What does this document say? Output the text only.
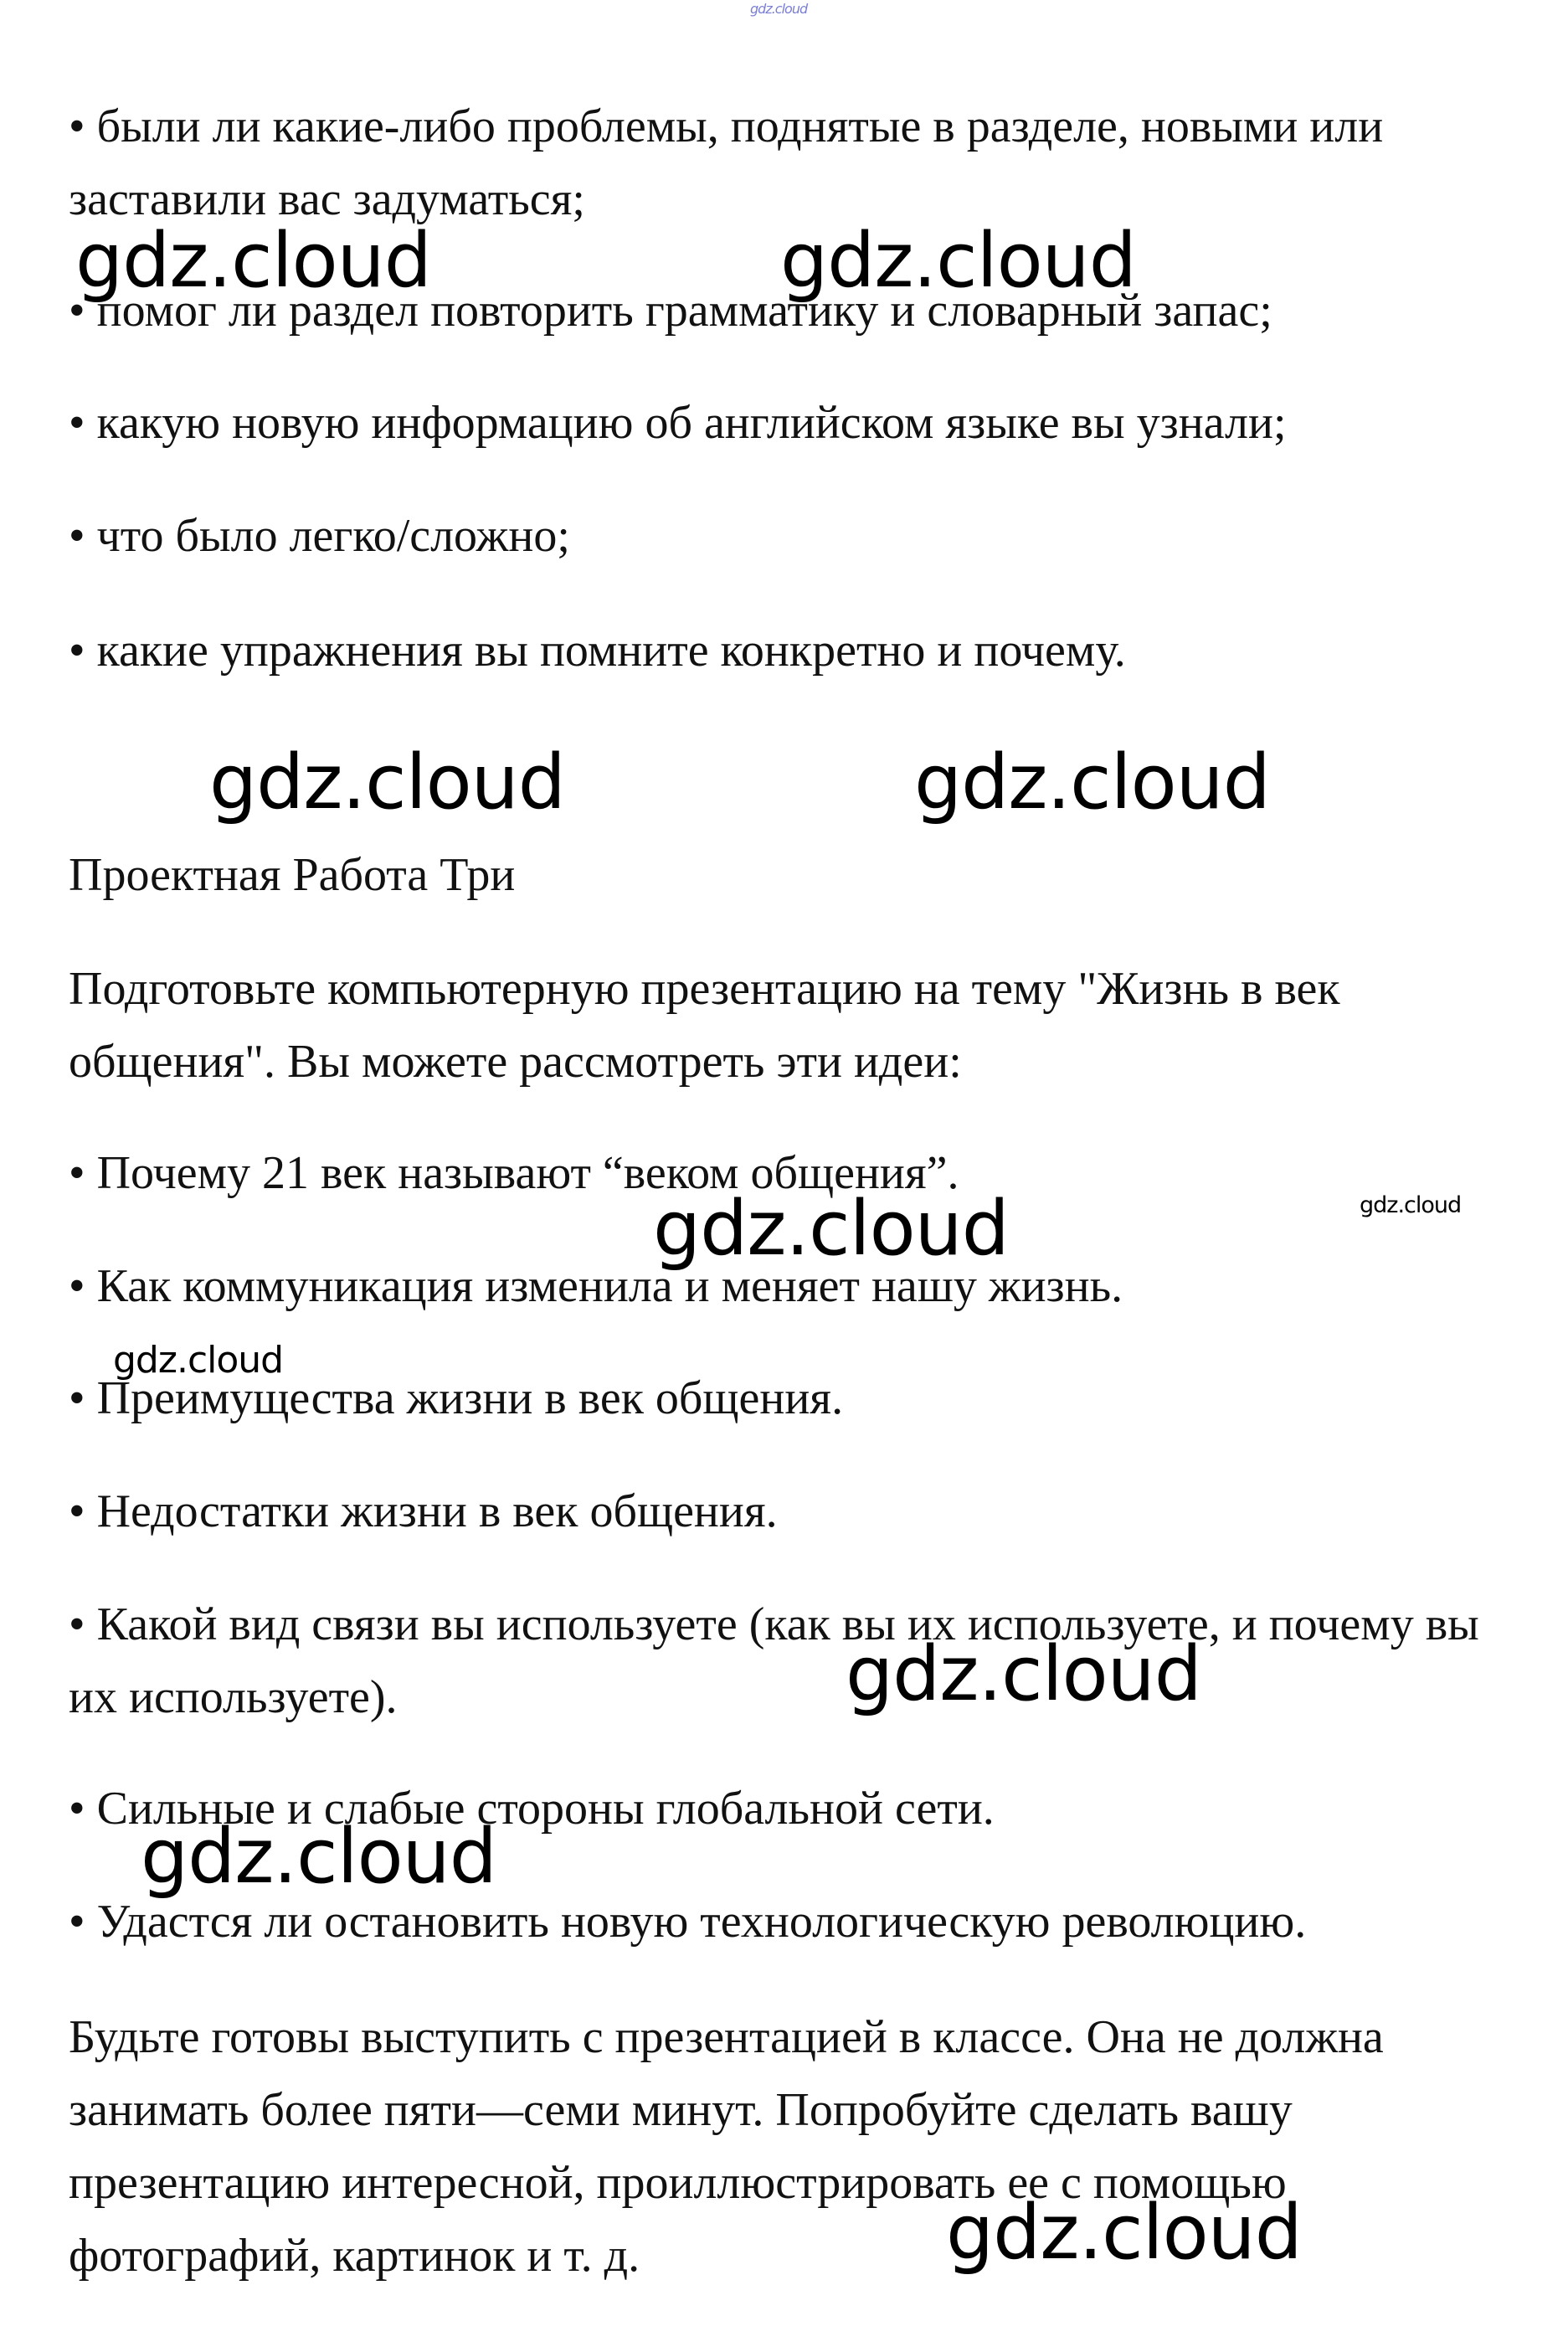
gdz.cloud

• были ли какие-либо проблемы, поднятые в разделе, новыми или заставили вас задуматься;

• помог ли раздел повторить грамматику и словарный запас;

• какую новую информацию об английском языке вы узнали;

• что было легко/сложно;

• какие упражнения вы помните конкретно и почему.

Проектная Работа Три

Подготовьте компьютерную презентацию на тему "Жизнь в век общения". Вы можете рассмотреть эти идеи:

• Почему 21 век называют “веком общения”.

• Как коммуникация изменила и меняет нашу жизнь.

• Преимущества жизни в век общения.

• Недостатки жизни в век общения.

• Какой вид связи вы используете (как вы их используете, и почему вы их используете).

• Сильные и слабые стороны глобальной сети.

• Удастся ли остановить новую технологическую революцию.

Будьте готовы выступить с презентацией в классе. Она не должна занимать более пяти—семи минут. Попробуйте сделать вашу презентацию интересной, проиллюстрировать ее с помощью фотографий, картинок и т. д.

gdz.cloud	gdz.cloud
gdz.cloud	gdz.cloud
gdz.cloud	gdz.cloud
gdz.cloud
gdz.cloud
gdz.cloud
gdz.cloud
